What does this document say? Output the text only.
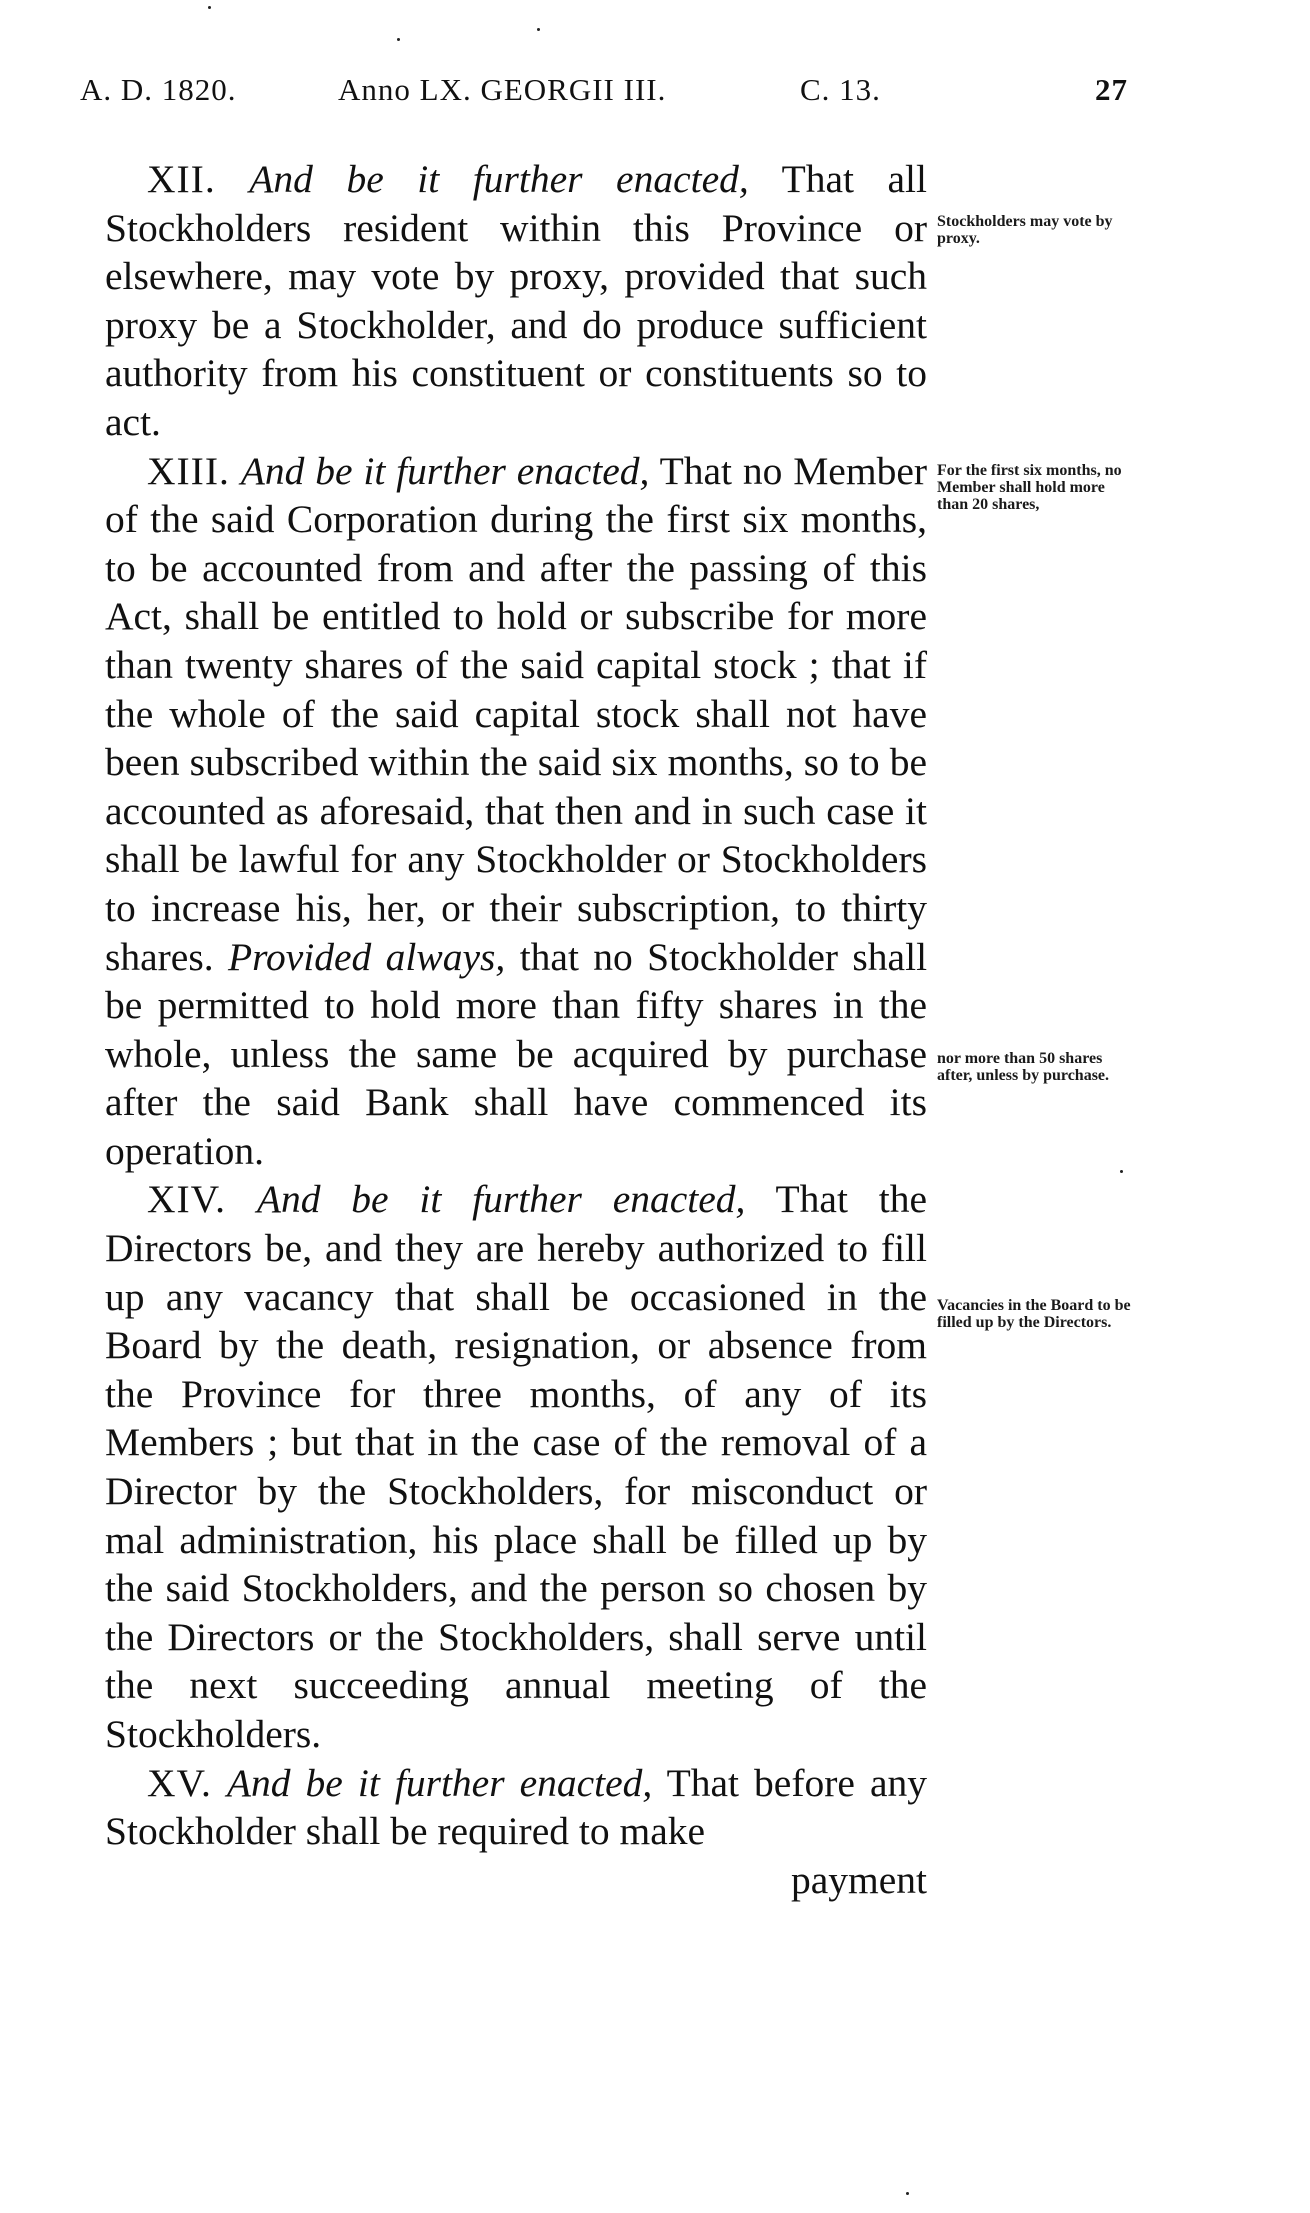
A. D. 1820.	Anno LX. GEORGII III.	C. 13.	27

XII. And be it further enacted, That all Stockholders resident within this Province or elsewhere, may vote by proxy, provided that such proxy be a Stockholder, and do produce sufficient authority from his constituent or constituents so to act.

XIII. And be it further enacted, That no Member of the said Corporation during the first six months, to be accounted from and after the passing of this Act, shall be entitled to hold or subscribe for more than twenty shares of the said capital stock ; that if the whole of the said capital stock shall not have been subscribed within the said six months, so to be accounted as aforesaid, that then and in such case it shall be lawful for any Stockholder or Stockholders to increase his, her, or their subscription, to thirty shares. Provided always, that no Stockholder shall be permitted to hold more than fifty shares in the whole, unless the same be acquired by purchase after the said Bank shall have commenced its operation.

XIV. And be it further enacted, That the Directors be, and they are hereby authorized to fill up any vacancy that shall be occasioned in the Board by the death, resignation, or absence from the Province for three months, of any of its Members ; but that in the case of the removal of a Director by the Stockholders, for misconduct or mal administration, his place shall be filled up by the said Stockholders, and the person so chosen by the Directors or the Stockholders, shall serve until the next succeeding annual meeting of the Stockholders.

XV. And be it further enacted, That before any Stockholder shall be required to make

payment

Stockholders may vote by proxy.
For the first six months, no Member shall hold more than 20 shares,
nor more than 50 shares after, unless by purchase.
Vacancies in the Board to be filled up by the Directors.
